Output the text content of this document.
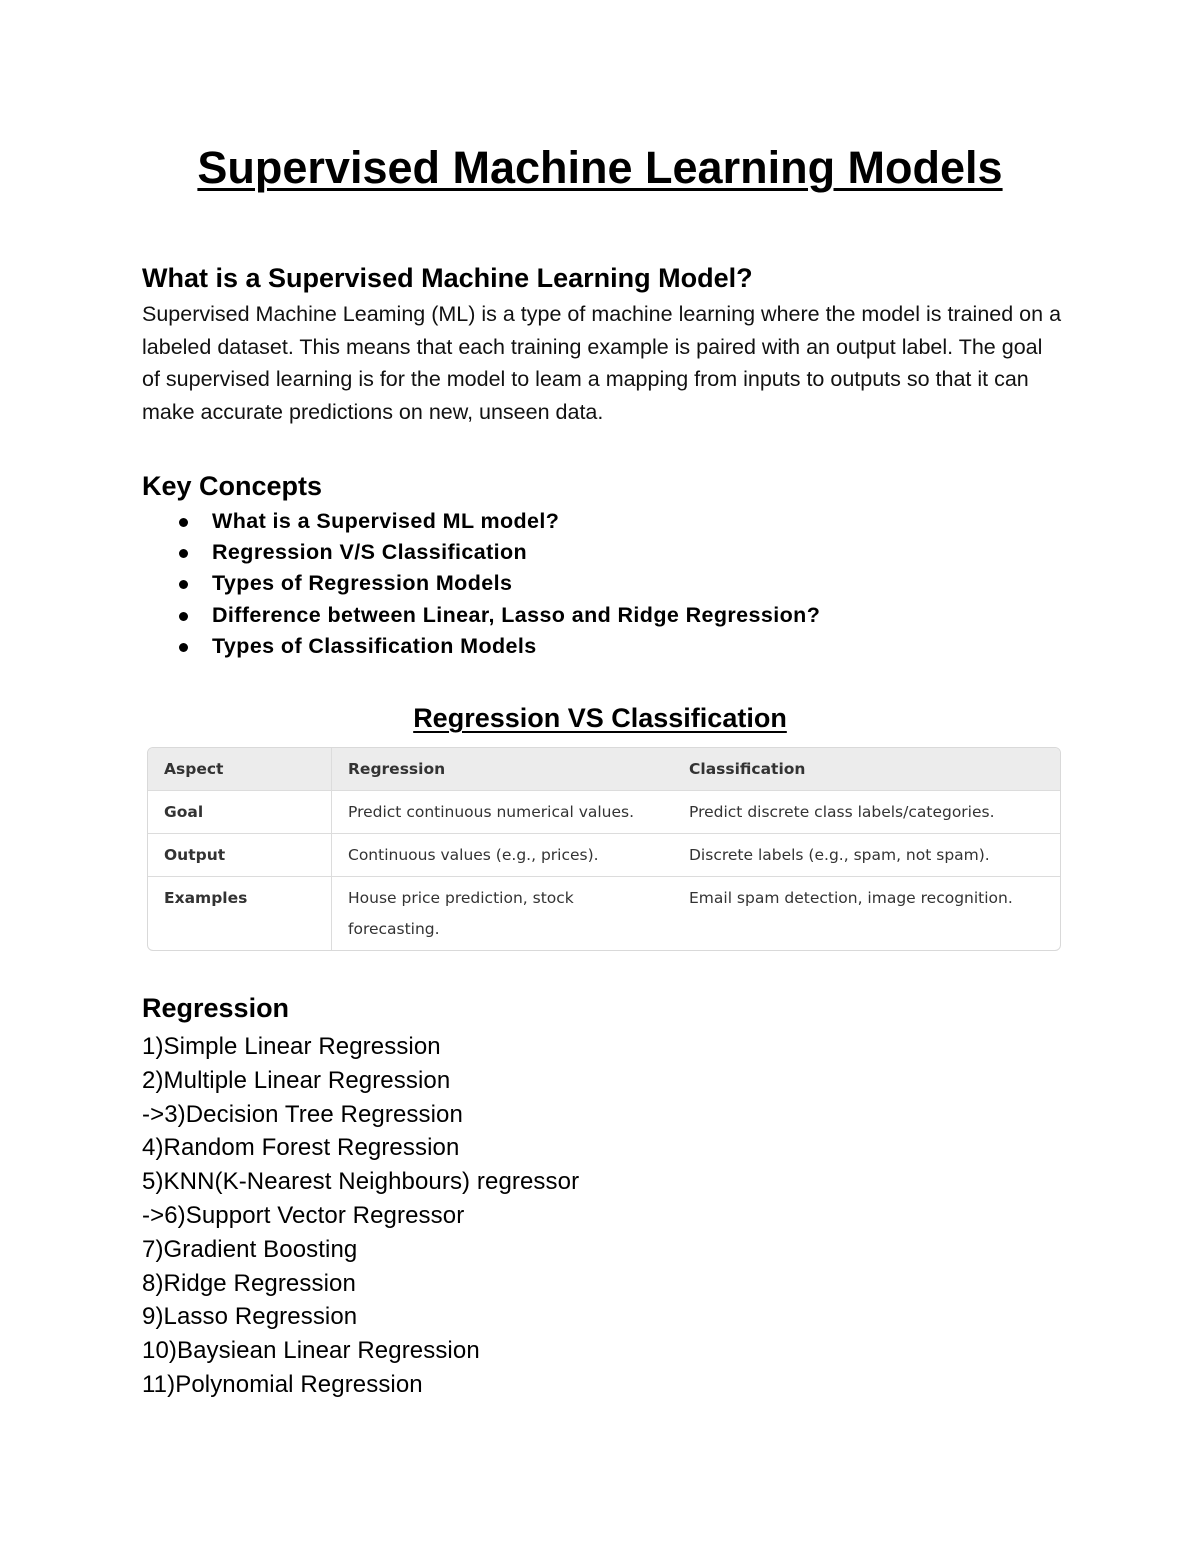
Supervised Machine Learning Models
What is a Supervised Machine Learning Model?

Supervised Machine Leaming (ML) is a type of machine learning where the model is trained on a labeled dataset. This means that each training example is paired with an output label. The goal of supervised learning is for the model to leam a mapping from inputs to outputs so that it can make accurate predictions on new, unseen data.

Key Concepts
What is a Supervised ML model?
Regression V/S Classification
Types of Regression Models
Difference between Linear, Lasso and Ridge Regression?
Types of Classification Models
Regression VS Classification
Aspect	Regression	Classification
Goal	Predict continuous numerical values.	Predict discrete class labels/categories.
Output	Continuous values (e.g., prices).	Discrete labels (e.g., spam, not spam).
Examples	House price prediction, stock forecasting.	Email spam detection, image recognition.
Regression
1)Simple Linear Regression
2)Multiple Linear Regression
->3)Decision Tree Regression
4)Random Forest Regression
5)KNN(K-Nearest Neighbours) regressor
->6)Support Vector Regressor
7)Gradient Boosting
8)Ridge Regression
9)Lasso Regression
10)Baysiean Linear Regression
11)Polynomial Regression
